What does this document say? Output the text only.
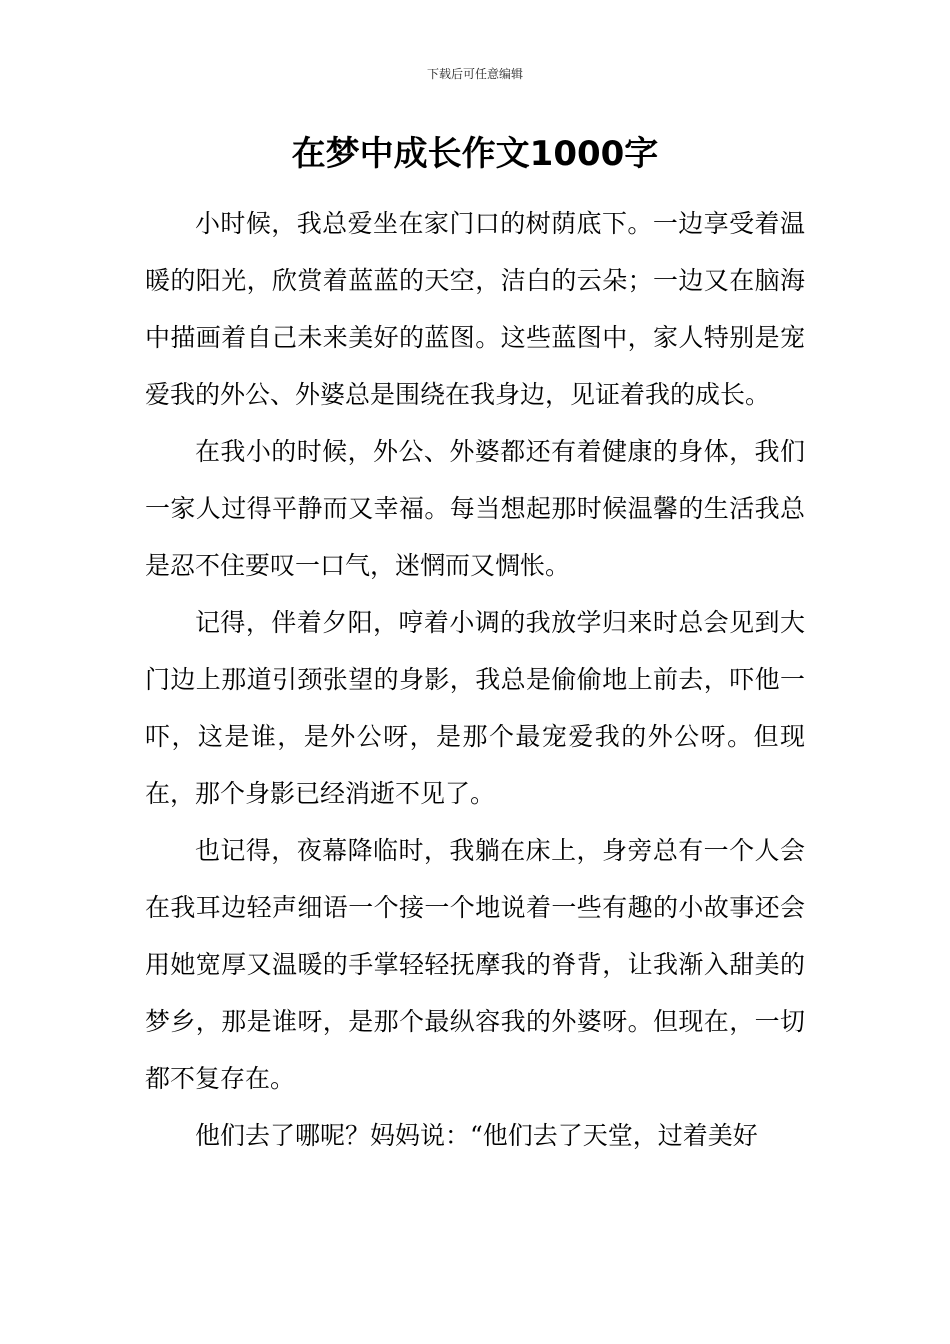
下载后可任意编辑
在梦中成长作文1000字

小时候，我总爱坐在家门口的树荫底下。一边享受着温暖的阳光，欣赏着蓝蓝的天空，洁白的云朵；一边又在脑海中描画着自己未来美好的蓝图。这些蓝图中，家人特别是宠爱我的外公、外婆总是围绕在我身边，见证着我的成长。

在我小的时候，外公、外婆都还有着健康的身体，我们一家人过得平静而又幸福。每当想起那时候温馨的生活我总是忍不住要叹一口气，迷惘而又惆怅。

记得，伴着夕阳，哼着小调的我放学归来时总会见到大门边上那道引颈张望的身影，我总是偷偷地上前去，吓他一吓，这是谁，是外公呀，是那个最宠爱我的外公呀。但现在，那个身影已经消逝不见了。

也记得，夜幕降临时，我躺在床上，身旁总有一个人会在我耳边轻声细语一个接一个地说着一些有趣的小故事还会用她宽厚又温暖的手掌轻轻抚摩我的脊背，让我渐入甜美的梦乡，那是谁呀，是那个最纵容我的外婆呀。但现在，一切都不复存在。

他们去了哪呢？妈妈说：“他们去了天堂，过着美好
